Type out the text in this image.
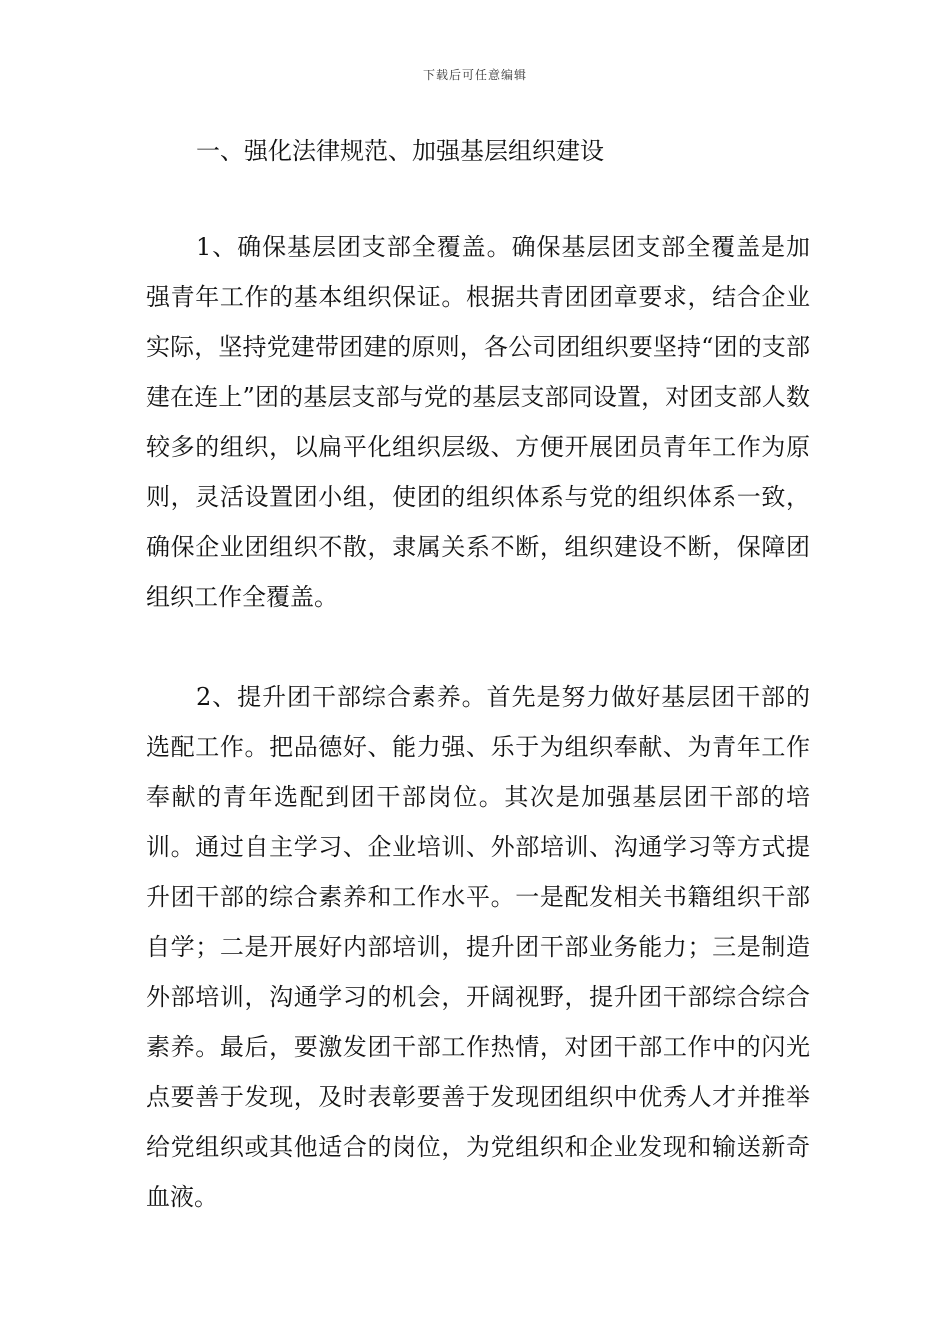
下载后可任意编辑
一、强化法律规范、加强基层组织建设

1、确保基层团支部全覆盖。确保基层团支部全覆盖是加强青年工作的基本组织保证。根据共青团团章要求，结合企业实际，坚持党建带团建的原则，各公司团组织要坚持“团的支部建在连上”团的基层支部与党的基层支部同设置，对团支部人数较多的组织，以扁平化组织层级、方便开展团员青年工作为原则，灵活设置团小组，使团的组织体系与党的组织体系一致，确保企业团组织不散，隶属关系不断，组织建设不断，保障团组织工作全覆盖。

2、提升团干部综合素养。首先是努力做好基层团干部的选配工作。把品德好、能力强、乐于为组织奉献、为青年工作奉献的青年选配到团干部岗位。其次是加强基层团干部的培训。通过自主学习、企业培训、外部培训、沟通学习等方式提升团干部的综合素养和工作水平。一是配发相关书籍组织干部自学；二是开展好内部培训，提升团干部业务能力；三是制造外部培训，沟通学习的机会，开阔视野，提升团干部综合综合素养。最后，要激发团干部工作热情，对团干部工作中的闪光点要善于发现，及时表彰要善于发现团组织中优秀人才并推举给党组织或其他适合的岗位，为党组织和企业发现和输送新奇血液。
